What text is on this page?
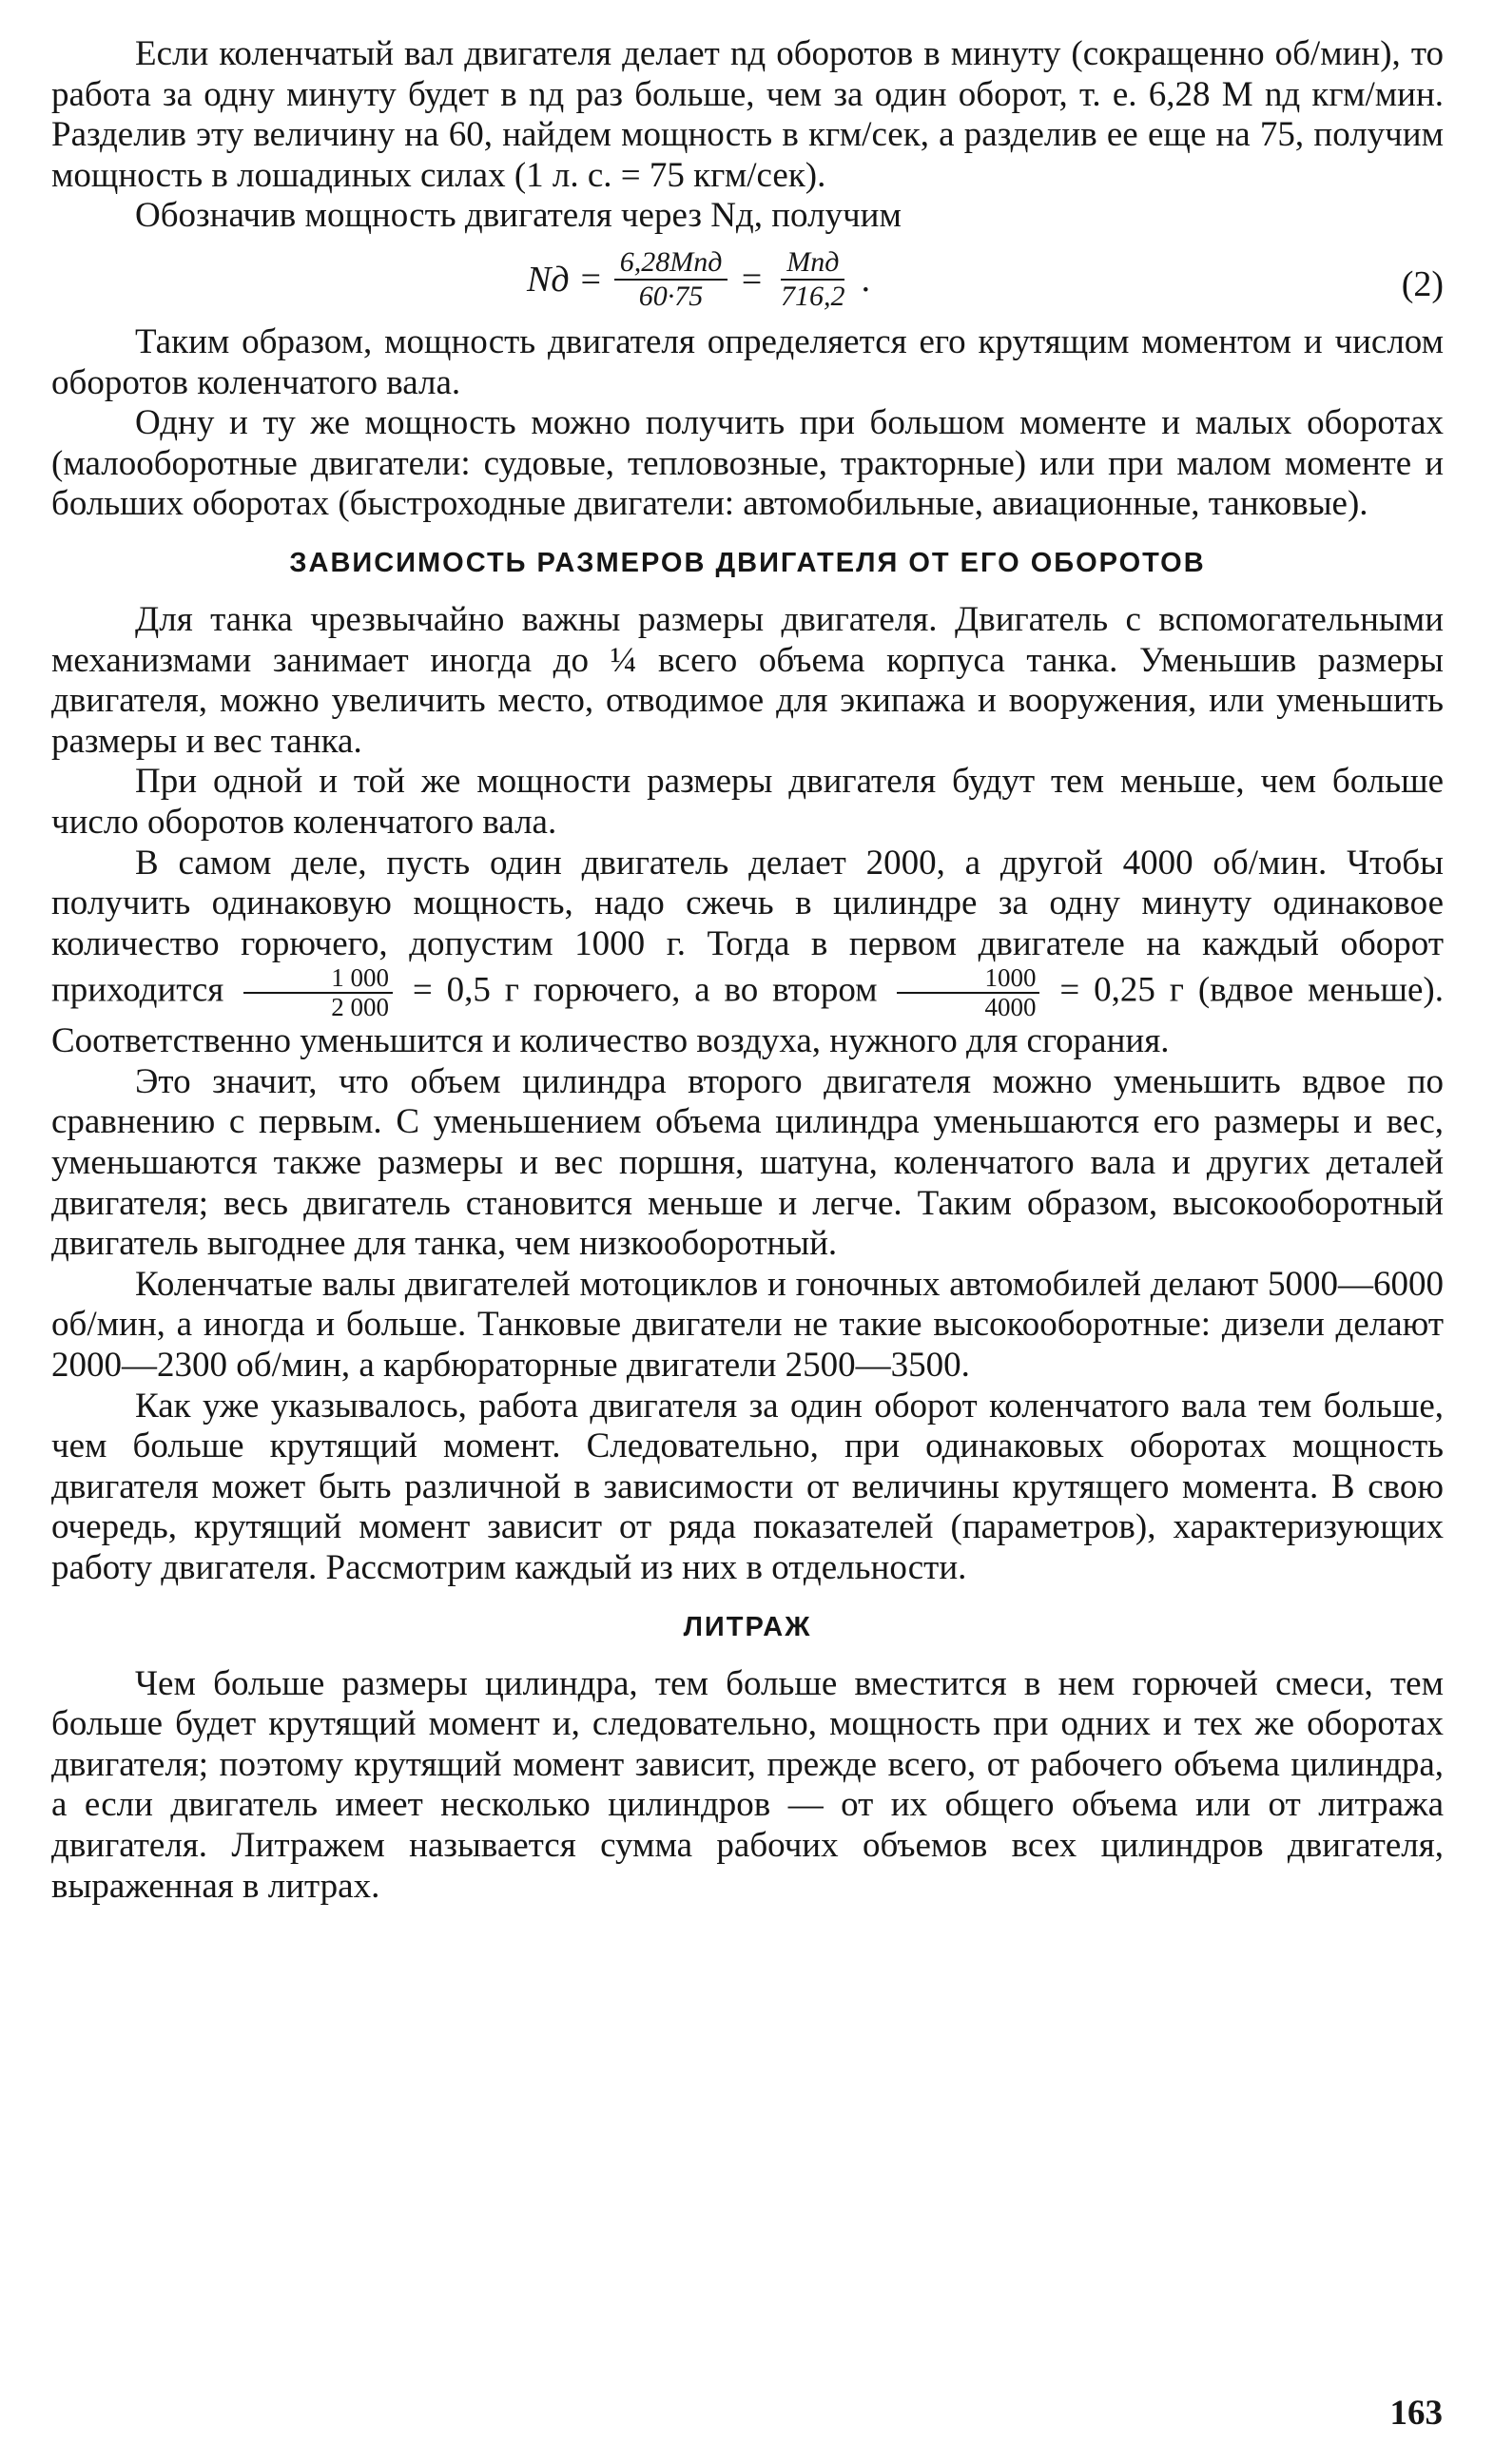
Если коленчатый вал двигателя делает nд оборотов в минуту (сокращенно об/мин), то работа за одну минуту будет в nд раз больше, чем за один оборот, т. е. 6,28 M nд кгм/мин. Разделив эту величину на 60, найдем мощность в кгм/сек, а разделив ее еще на 75, получим мощность в лошадиных силах (1 л. с. = 75 кгм/сек).

Обозначив мощность двигателя через Nд, получим

Nд = $\frac{\text{6,28Mnд}}{60\cdot 75} = \frac{\text{Mnд}}{716,2}$ .	(2)

Таким образом, мощность двигателя определяется его крутящим моментом и числом оборотов коленчатого вала.

Одну и ту же мощность можно получить при большом моменте и малых оборотах (малооборотные двигатели: судовые, тепловозные, тракторные) или при малом моменте и больших оборотах (быстроходные двигатели: автомобильные, авиационные, танковые).

ЗАВИСИМОСТЬ РАЗМЕРОВ ДВИГАТЕЛЯ ОТ ЕГО ОБОРОТОВ

Для танка чрезвычайно важны размеры двигателя. Двигатель с вспомогательными механизмами занимает иногда до ¼ всего объема корпуса танка. Уменьшив размеры двигателя, можно увеличить место, отводимое для экипажа и вооружения, или уменьшить размеры и вес танка.

При одной и той же мощности размеры двигателя будут тем меньше, чем больше число оборотов коленчатого вала.

В самом деле, пусть один двигатель делает 2000, а другой 4000 об/мин. Чтобы получить одинаковую мощность, надо сжечь в цилиндре за одну минуту одинаковое количество горючего, допустим 1000 г. Тогда в первом двигателе на каждый оборот приходится $\frac{1 000}{2 000} = 0,5$ г горючего, а во втором $\frac{1000}{4000} = 0,25$ г (вдвое меньше). Соответственно уменьшится и количество воздуха, нужного для сгорания.

Это значит, что объем цилиндра второго двигателя можно уменьшить вдвое по сравнению с первым. С уменьшением объема цилиндра уменьшаются его размеры и вес, уменьшаются также размеры и вес поршня, шатуна, коленчатого вала и других деталей двигателя; весь двигатель становится меньше и легче. Таким образом, высокооборотный двигатель выгоднее для танка, чем низкооборотный.

Коленчатые валы двигателей мотоциклов и гоночных автомобилей делают 5000—6000 об/мин, а иногда и больше. Танковые двигатели не такие высокооборотные: дизели делают 2000—2300 об/мин, а карбюраторные двигатели 2500—3500.

Как уже указывалось, работа двигателя за один оборот коленчатого вала тем больше, чем больше крутящий момент. Следовательно, при одинаковых оборотах мощность двигателя может быть различной в зависимости от величины крутящего момента. В свою очередь, крутящий момент зависит от ряда показателей (параметров), характеризующих работу двигателя. Рассмотрим каждый из них в отдельности.

ЛИТРАЖ

Чем больше размеры цилиндра, тем больше вместится в нем горючей смеси, тем больше будет крутящий момент и, следовательно, мощность при одних и тех же оборотах двигателя; поэтому крутящий момент зависит, прежде всего, от рабочего объема цилиндра, а если двигатель имеет несколько цилиндров — от их общего объема или от литража двигателя. Литражем называется сумма рабочих объемов всех цилиндров двигателя, выраженная в литрах.

163
